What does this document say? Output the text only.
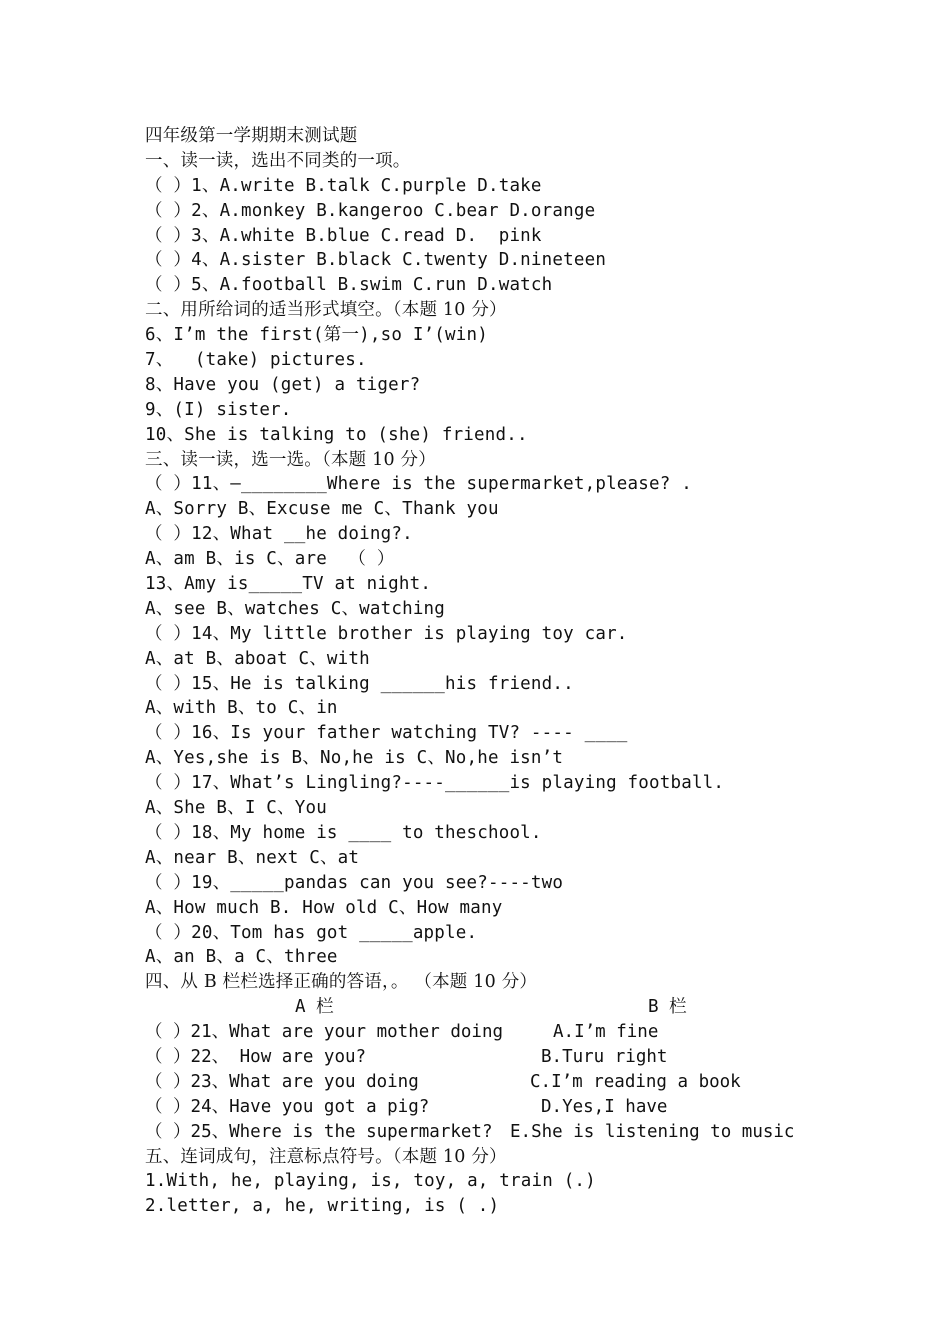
四年级第一学期期末测试题
一、读一读，选出不同类的一项。
（ ）1、A.write B.talk C.purple D.take
（ ）2、A.monkey B.kangeroo C.bear D.orange
（ ）3、A.white B.blue C.read D.  pink
（ ）4、A.sister B.black C.twenty D.nineteen
（ ）5、A.football B.swim C.run D.watch
二、用所给词的适当形式填空。（本题 10 分）
6、I’m the first(第一),so I’(win)
7、  (take) pictures.
8、Have you (get) a tiger?
9、(I) sister.
10、She is talking to (she) friend..
三、读一读，选一选。（本题 10 分）
（ ）11、—________Where is the supermarket,please? .
A、Sorry B、Excuse me C、Thank you
（ ）12、What __he doing?.
A、am B、is C、are  （ ）
13、Amy is_____TV at night.
A、see B、watches C、watching
（ ）14、My little brother is playing toy car.
A、at B、aboat C、with
（ ）15、He is talking ______his friend..
A、with B、to C、in
（ ）16、Is your father watching TV? ---- ____
A、Yes,she is B、No,he is C、No,he isn’t
（ ）17、What’s Lingling?----______is playing football.
A、She B、I C、You
（ ）18、My home is ____ to theschool.
A、near B、next C、at
（ ）19、_____pandas can you see?----two
A、How much B. How old C、How many
（ ）20、Tom has got _____apple.
A、an B、a C、three
四、从 B 栏栏选择正确的答语，。 （本题 10 分）
A 栏	B 栏
（ ）21、What are your mother doing	A.I’m fine
（ ）22、 How are you?	B.Turu right
（ ）23、What are you doing	C.I’m reading a book
（ ）24、Have you got a pig?	D.Yes,I have
（ ）25、Where is the supermarket? E.She is listening to music
五、连词成句，注意标点符号。（本题 10 分）
1.With, he, playing, is, toy, a, train (.)
2.letter, a, he, writing, is ( .)
